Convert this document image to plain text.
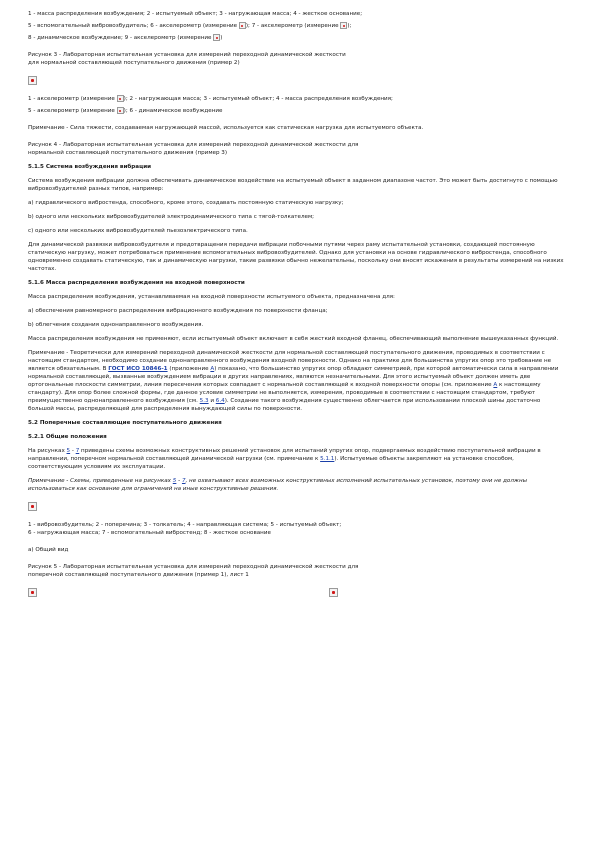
1 - масса распределения возбуждения; 2 - испытуемый объект; 3 - нагружающая масса; 4 - жесткое основание;

5 - вспомогательный вибровозбудитель; 6 - акселерометр (измерение ); 7 - акселерометр (измерение );

8 - динамическое возбуждение; 9 - акселерометр (измерение )

Рисунок 3 - Лабораторная испытательная установка для измерений переходной динамической жесткости

для нормальной составляющей поступательного движения (пример 2)

1 - акселерометр (измерение ); 2 - нагружающая масса; 3 - испытуемый объект; 4 - масса распределения возбуждения;

5 - акселерометр (измерение ); 6 - динамическое возбуждение

Примечание - Сила тяжести, создаваемая нагружающей массой, используется как статическая нагрузка для испытуемого объекта.

Рисунок 4 - Лабораторная испытательная установка для измерений переходной динамической жесткости для

нормальной составляющей поступательного движения (пример 3)

5.1.5 Система возбуждения вибрации

Система возбуждения вибрации должна обеспечивать динамическое воздействие на испытуемый объект в заданном диапазоне частот. Это может быть достигнуто с помощью вибровозбудителей разных типов, например:

а) гидравлического вибростенда, способного, кроме этого, создавать постоянную статическую нагрузку;

b) одного или нескольких вибровозбудителей электродинамического типа с тягой-толкателем;

c) одного или нескольких вибровозбудителей пьезоэлектрического типа.

Для динамической развязки вибровозбудителя и предотвращения передачи вибрации побочными путями через раму испытательной установки, создающей постоянную статическую нагрузку, может потребоваться применение вспомогательных вибровозбудителей. Однако для установки на основе гидравлического вибростенда, способного одновременно создавать статическую, так и динамическую нагрузки, такие развязки обычно нежелательны, поскольку они вносят искажения в результаты измерений на низких частотах.

5.1.6 Масса распределения возбуждения на входной поверхности

Масса распределения возбуждения, устанавливаемая на входной поверхности испытуемого объекта, предназначена для:

а) обеспечения равномерного распределения вибрационного возбуждения по поверхности фланца;

b) облегчения создания однонаправленного возбуждения.

Масса распределения возбуждения не применяют, если испытуемый объект включает в себя жесткий входной фланец, обеспечивающий выполнение вышеуказанных функций.

Примечание - Теоретически для измерений переходной динамической жесткости для нормальной составляющей поступательного движения, проводимых в соответствии с настоящим стандартом, необходимо создание однонаправленного возбуждения входной поверхности. Однако на практике для большинства упругих опор это требование не является обязательным. В ГОСТ ИСО 10846-1 (приложение А) показано, что большинство упругих опор обладают симметрией, при которой автоматически сила в направлении нормальной составляющей, вызванные возбуждением вибрации в других направлениях, являются незначительными. Для этого испытуемый объект должен иметь две ортогональные плоскости симметрии, линия пересечения которых совпадает с нормальной составляющей к входной поверхности опоры (см. приложение А к настоящему стандарту). Для опор более сложной формы, где данное условие симметрии не выполняется, измерения, проводимые в соответствии с настоящим стандартом, требуют преимущественно однонаправленного возбуждения (см. 5.3 и 6.4). Создание такого возбуждения существенно облегчается при использовании плоской шины достаточно большой массы, распределяющей для распределения вынуждающей силы по поверхности.

5.2 Поперечные составляющие поступательного движения

5.2.1 Общие положения

На рисунках 5 - 7 приведены схемы возможных конструктивных решений установок для испытаний упругих опор, подвергаемых воздействию поступательной вибрации в направлении, поперечном нормальной составляющей динамической нагрузки (см. примечание к 5.1.1). Испытуемые объекты закрепляют на установке способом, соответствующим условиям их эксплуатации.

Примечание - Схемы, приведенные на рисунках 5 - 7, не охватывают всех возможных конструктивных исполнений испытательных установок, поэтому они не должны использоваться как основание для ограничений на иные конструктивные решения.

1 - вибровозбудитель; 2 - поперечина; 3 - толкатель; 4 - направляющая система; 5 - испытуемый объект;

6 - нагружающая масса; 7 - вспомогательный вибростенд; 8 - жесткое основание

а) Общий вид

Рисунок 5 - Лабораторная испытательная установка для измерений переходной динамической жесткости для

поперечной составляющей поступательного движения (пример 1), лист 1
